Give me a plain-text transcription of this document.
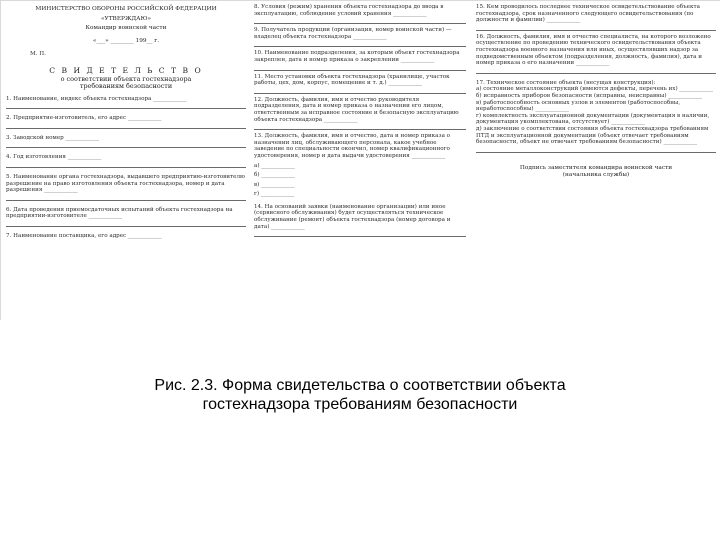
МИНИСТЕРСТВО ОБОРОНЫ РОССИЙСКОЙ ФЕДЕРАЦИИ
«УТВЕРЖДАЮ»
Командир воинской части
«___» ________ 199__ г.
М. П.
С В И Д Е Т Е Л Ь С Т В О
о соответствии объекта гостехнадзора
требованиям безопасности
1. Наименование, индекс объекта гостехнадзора ____________
2. Предприятие-изготовитель, его адрес ____________
3. Заводской номер ____________
4. Год изготовления ____________
5. Наименование органа гостехнадзора, выдавшего предприятию-изготовителю разрешение на право изготовления объекта гостехнадзора, номер и дата разрешения ____________
6. Дата проведения приемосдаточных испытаний объекта гостехнадзора на предприятии-изготовителе ____________
7. Наименование поставщика, его адрес ____________
8. Условия (режим) хранения объекта гостехнадзора до ввода в эксплуатацию, соблюдение условий хранения ____________
9. Получатель продукции (организация, номер воинской части) — владелец объекта гостехнадзора ____________
10. Наименование подразделения, за которым объект гостехнадзора закреплен, дата и номер приказа о закреплении ____________
11. Место установки объекта гостехнадзора (хранилище, участок работы, цех, дом, корпус, помещение и т. д.) ____________
12. Должность, фамилия, имя и отчество руководителя подразделения, дата и номер приказа о назначении его лицом, ответственным за исправное состояние и безопасную эксплуатацию объекта гостехнадзора ____________
13. Должность, фамилия, имя и отчество, дата и номер приказа о назначении лиц, обслуживающего персонала, какое учебное заведение по специальности окончил, номер квалификационного удостоверения, номер и дата выдачи удостоверения ____________
а) ____________
б) ____________
в) ____________
г) ____________
14. На оснований заявки (наименование организации) или иное (сервисного обслуживания) будет осуществляться техническое обслуживание (ремонт) объекта гостехнадзора (номер договора и дата) ____________
15. Кем проводилось последнее техническое освидетельствование объекта гостехнадзора, срок назначенного следующего освидетельствования (по должности и фамилии) ____________
16. Должность, фамилия, имя и отчество специалиста, на которого возложено осуществление по проведению технического освидетельствования объекта гостехнадзора военного назначения или иных, осуществлявших надзор за подведомственным объектом (подразделения, должность, фамилия), дата и номер приказа о его назначении ____________
17. Техническое состояние объекта (несущая конструкция):
а) состояние металлоконструкций (имеются дефекты, перечень их) ____________
б) исправность приборов безопасности (исправны, неисправны) ____________
в) работоспособность основных узлов и элементов (работоспособны, неработоспособны) ____________
г) комплектность эксплуатационной документации (документация в наличии, документация укомплектована, отсутствует) ____________
д) заключение о соответствии состояния объекта гостехнадзора требованиям ПТД и эксплуатационной документации (объект отвечает требованиям безопасности, объект не отвечает требованиям безопасности) ____________
Подпись заместителя командира воинской части
(начальника службы)
Рис. 2.3. Форма свидетельства о соответствии объекта
гостехнадзора требованиям безопасности
